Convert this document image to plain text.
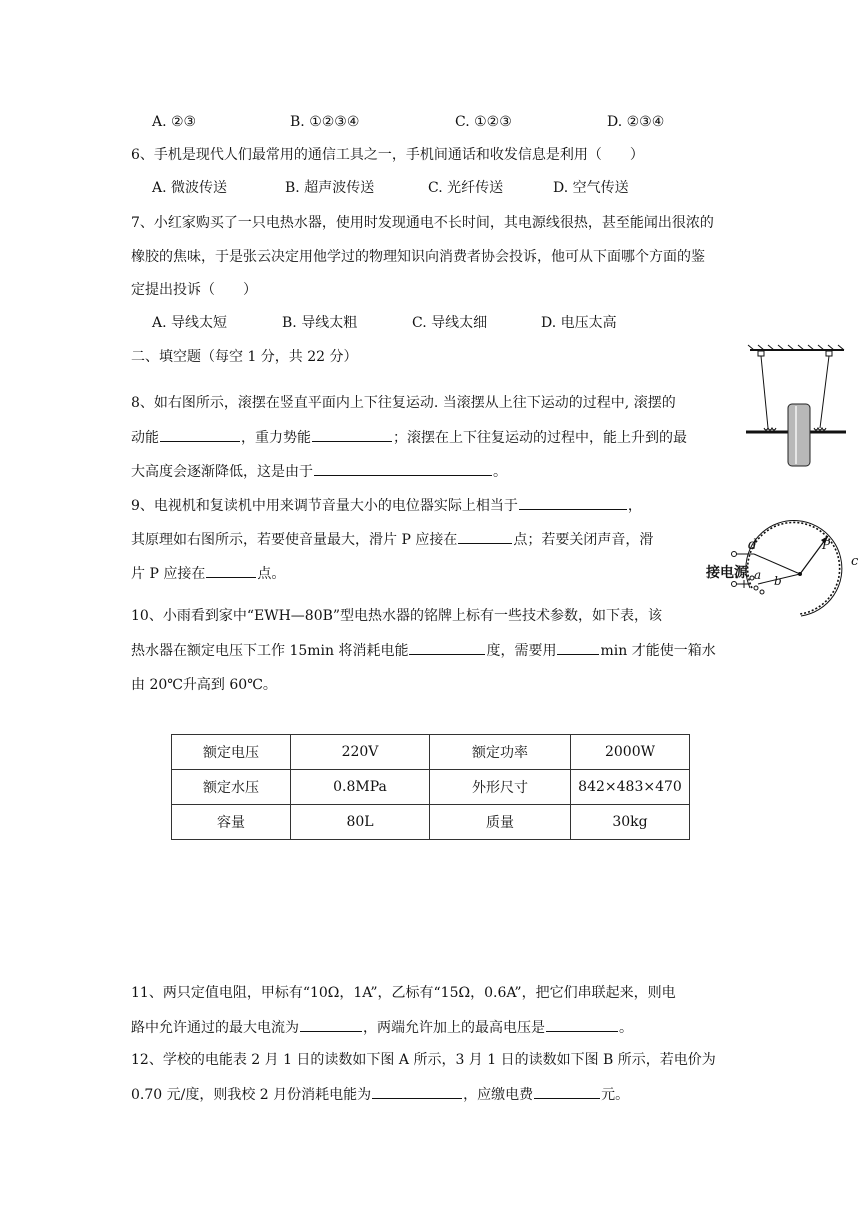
A. ②③	B. ①②③④	C. ①②③	D. ②③④
6、手机是现代人们最常用的通信工具之一，手机间通话和收发信息是利用（　　）
A. 微波传送	B. 超声波传送	C. 光纤传送	D. 空气传送
7、小红家购买了一只电热水器，使用时发现通电不长时间，其电源线很热，甚至能闻出很浓的
橡胶的焦味，于是张云决定用他学过的物理知识向消费者协会投诉，他可从下面哪个方面的鉴
定提出投诉（　　）
A. 导线太短	B. 导线太粗	C. 导线太细	D. 电压太高
二、填空题（每空 1 分，共 22 分）
8、如右图所示，滚摆在竖直平面内上下往复运动. 当滚摆从上往下运动的过程中, 滚摆的
动能	，重力势能	；滚摆在上下往复运动的过程中，能上升到的最
大高度会逐渐降低，这是由于	。
9、电视机和复读机中用来调节音量大小的电位器实际上相当于	，
其原理如右图所示，若要使音量最大，滑片 P 应接在	点；若要关闭声音，滑
片 P 应接在	点。	接电源
d	P
c
a b
10、小雨看到家中“EWH—80B”型电热水器的铭牌上标有一些技术参数，如下表，该
热水器在额定电压下工作 15min 将消耗电能	度，需要用	min 才能使一箱水
由 20℃升高到 60℃。
额定电压	220V	额定功率	2000W
额定水压	0.8MPa	外形尺寸	842×483×470
容量	80L	质量	30kg
11、两只定值电阻，甲标有“10Ω，1A”，乙标有“15Ω，0.6A”，把它们串联起来，则电
路中允许通过的最大电流为	，两端允许加上的最高电压是	。
12、学校的电能表 2 月 1 日的读数如下图 A 所示，3 月 1 日的读数如下图 B 所示，若电价为
0.70 元/度，则我校 2 月份消耗电能为	，应缴电费	元。
